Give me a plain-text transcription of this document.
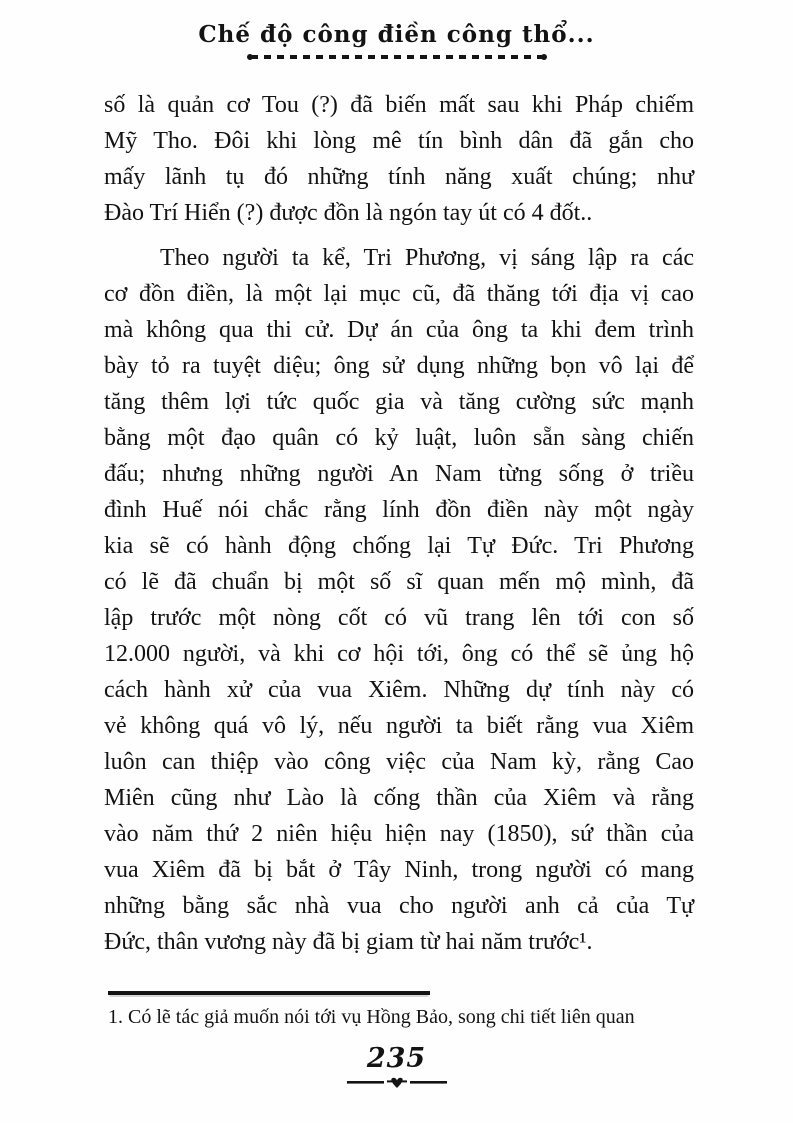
Chế độ công điền công thổ...
số là quản cơ Tou (?) đã biến mất sau khi Pháp chiếm
Mỹ Tho. Đôi khi lòng mê tín bình dân đã gắn cho
mấy lãnh tụ đó những tính năng xuất chúng; như
Đào Trí Hiển (?) được đồn là ngón tay út có 4 đốt..
Theo người ta kể, Tri Phương, vị sáng lập ra các
cơ đồn điền, là một lại mục cũ, đã thăng tới địa vị cao
mà không qua thi cử. Dự án của ông ta khi đem trình
bày tỏ ra tuyệt diệu; ông sử dụng những bọn vô lại để
tăng thêm lợi tức quốc gia và tăng cường sức mạnh
bằng một đạo quân có kỷ luật, luôn sẵn sàng chiến
đấu; nhưng những người An Nam từng sống ở triều
đình Huế nói chắc rằng lính đồn điền này một ngày
kia sẽ có hành động chống lại Tự Đức. Tri Phương
có lẽ đã chuẩn bị một số sĩ quan mến mộ mình, đã
lập trước một nòng cốt có vũ trang lên tới con số
12.000 người, và khi cơ hội tới, ông có thể sẽ ủng hộ
cách hành xử của vua Xiêm. Những dự tính này có
vẻ không quá vô lý, nếu người ta biết rằng vua Xiêm
luôn can thiệp vào công việc của Nam kỳ, rằng Cao
Miên cũng như Lào là cống thần của Xiêm và rằng
vào năm thứ 2 niên hiệu hiện nay (1850), sứ thần của
vua Xiêm đã bị bắt ở Tây Ninh, trong người có mang
những bằng sắc nhà vua cho người anh cả của Tự
Đức, thân vương này đã bị giam từ hai năm trước¹.
1. Có lẽ tác giả muốn nói tới vụ Hồng Bảo, song chi tiết liên quan
235
